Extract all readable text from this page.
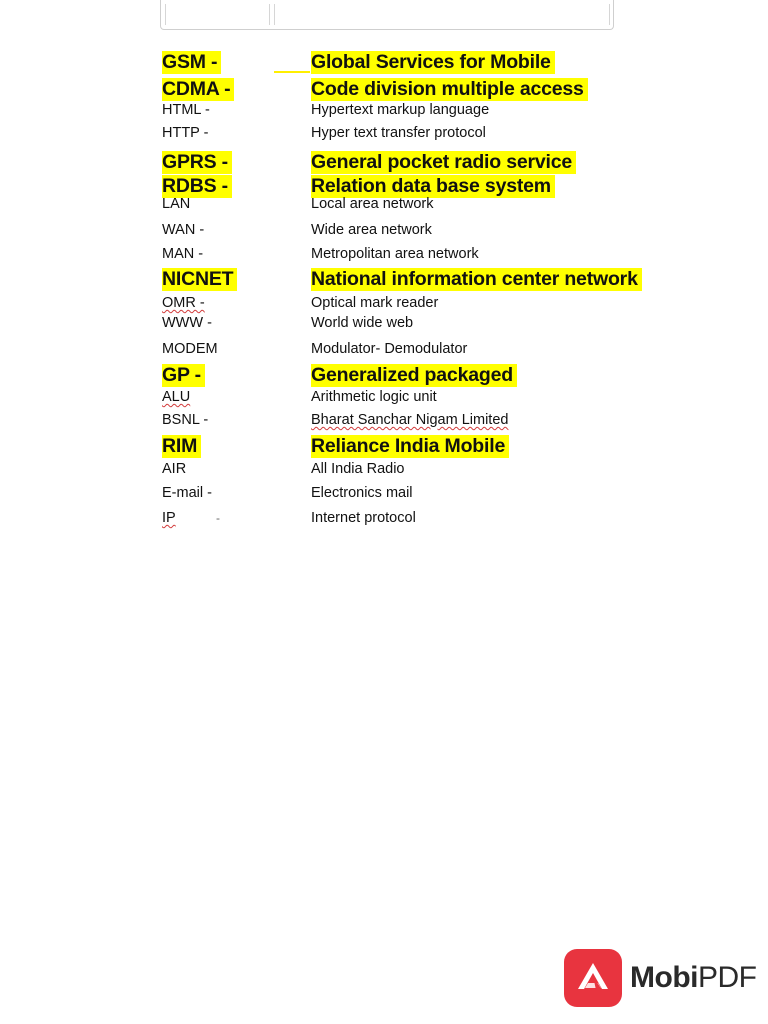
GSM -	Global Services for Mobile
CDMA -	Code division multiple access
HTML -	Hypertext markup language
HTTP -	Hyper text transfer protocol
GPRS -	General pocket radio service
RDBS -	Relation data base system
LAN	Local area network
WAN -	Wide area network
MAN -	Metropolitan area network
NICNET	National information center network
OMR -	Optical mark reader
WWW -	World wide web
MODEM	Modulator- Demodulator
GP -	Generalized packaged
ALU	Arithmetic logic unit
BSNL -	Bharat Sanchar Nigam Limited
RIM	Reliance India Mobile
AIR	All India Radio
E-mail -	Electronics mail
IP	-	Internet protocol
MobiPDF
